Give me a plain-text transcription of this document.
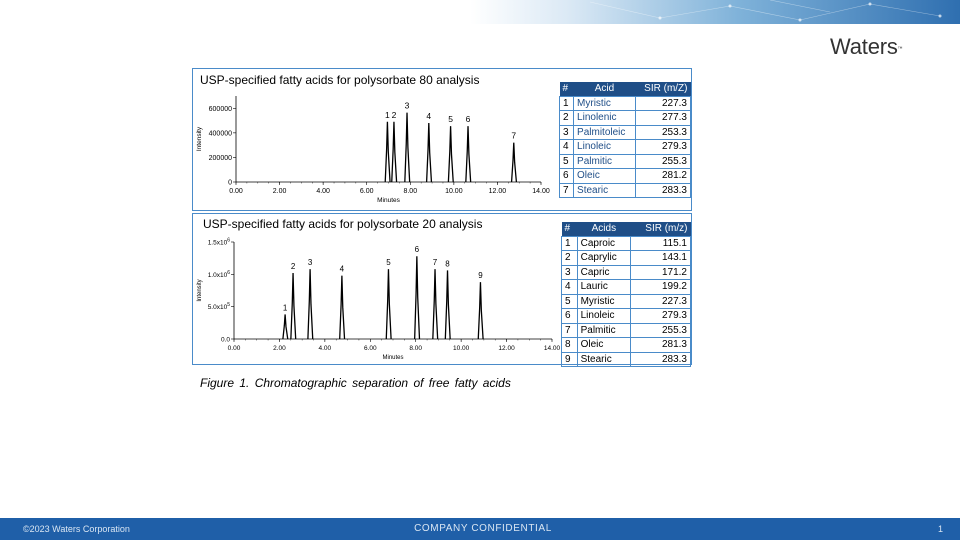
Waters™
USP-specified fatty acids for polysorbate 80 analysis
0.00	2.00	4.00	6.00	8.00	10.00	12.00	14.00
0
200000
400000
600000
Minutes
Intensity
1 2
3
4 5 6
7
#	Acid	SIR (m/Z)
1	Myristic	227.3
2	Linolenic	277.3
3	Palmitoleic	253.3
4	Linoleic	279.3
5	Palmitic	255.3
6	Oleic	281.2
7	Stearic	283.3
USP-specified fatty acids for polysorbate 20 analysis
0.00	2.00	4.00	6.00	8.00	10.00	12.00	14.00
0.0
$5.0x10^5$
$1.0x10^6$
$1.5x10^6$
Minutes
Intensity
1
2 3
4
5
6
7 8
9
#	Acids	SIR (m/z)
1	Caproic	115.1
2	Caprylic	143.1
3	Capric	171.2
4	Lauric	199.2
5	Myristic	227.3
6	Linoleic	279.3
7	Palmitic	255.3
8	Oleic	281.3
9	Stearic	283.3
Figure 1. Chromatographic separation of free fatty acids
©2023 Waters Corporation	COMPANY CONFIDENTIAL	1
